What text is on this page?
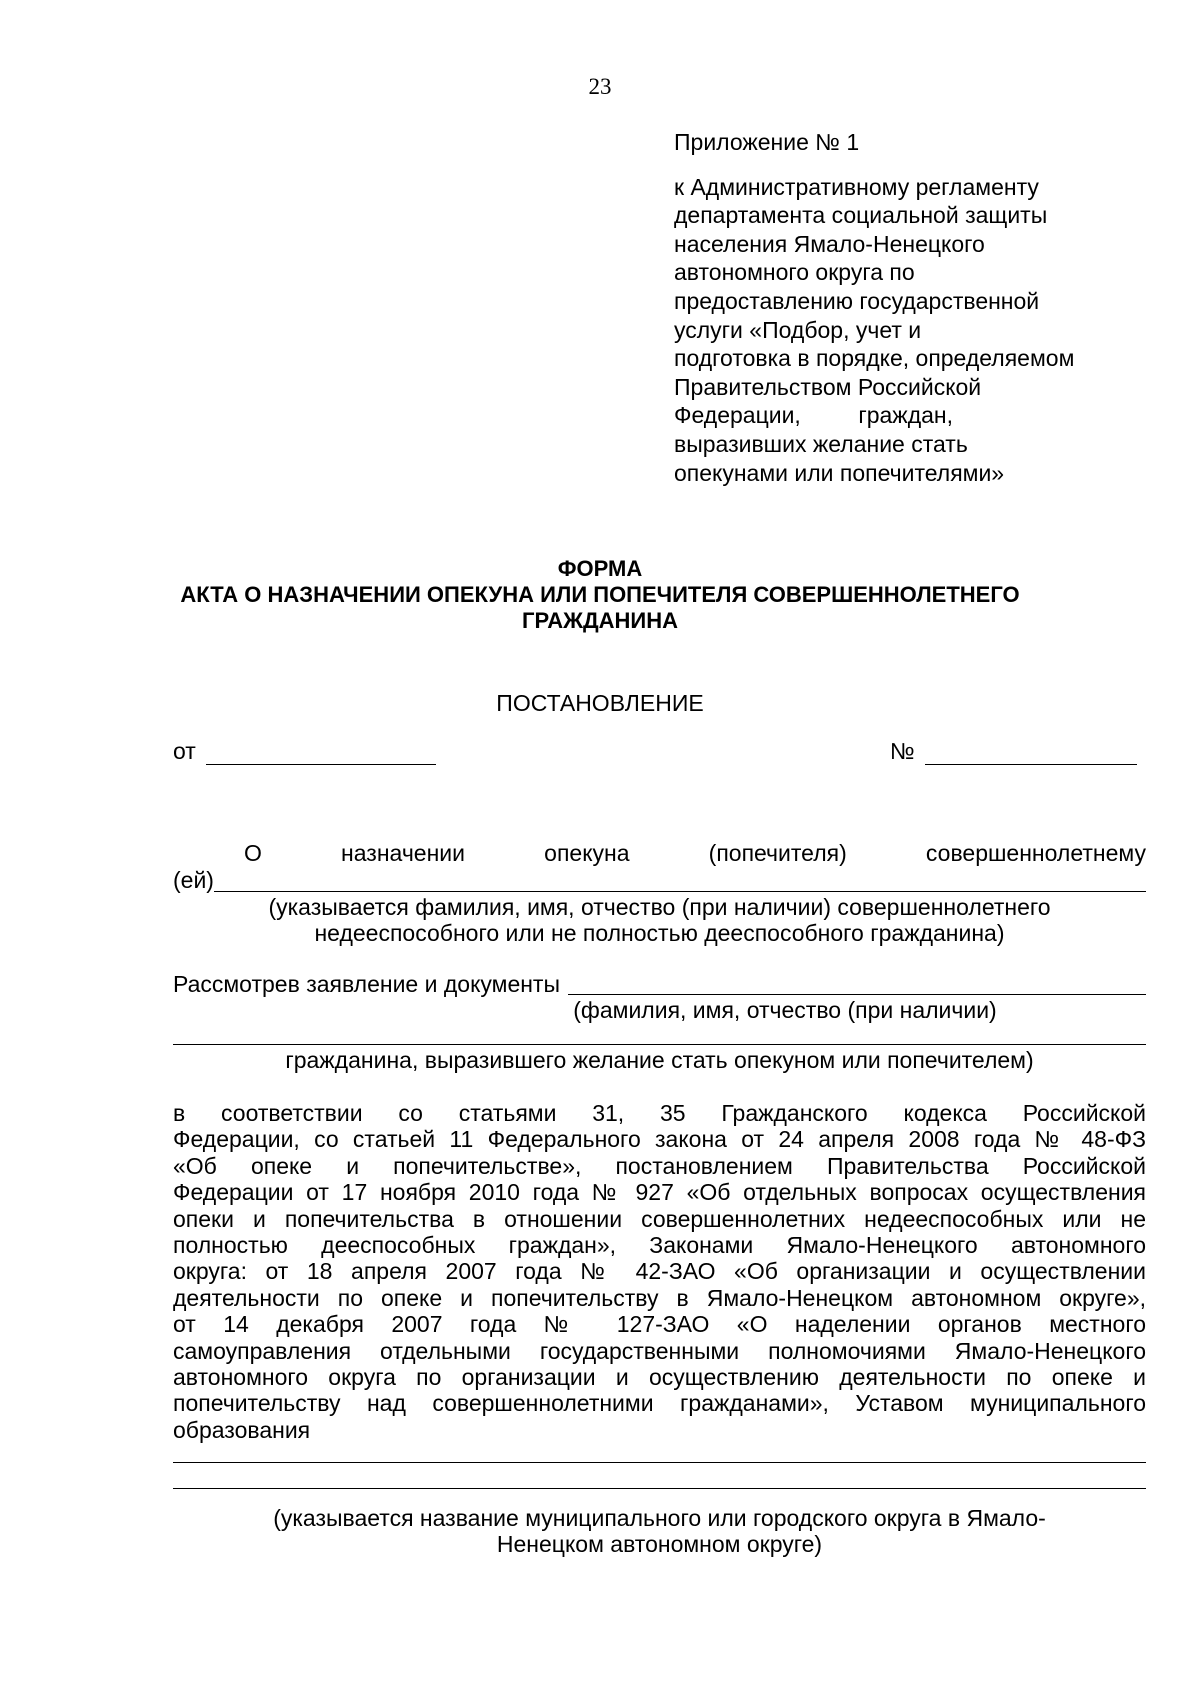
23
Приложение № 1
к Административному регламенту
департамента социальной защиты
населения Ямало-Ненецкого
автономного округа по
предоставлению государственной
услуги «Подбор, учет и
подготовка в порядке, определяемом
Правительством Российской
Федерации,         граждан,
выразивших желание стать
опекунами или попечителями»
ФОРМА
АКТА О НАЗНАЧЕНИИ ОПЕКУНА ИЛИ ПОПЕЧИТЕЛЯ СОВЕРШЕННОЛЕТНЕГО
ГРАЖДАНИНА
ПОСТАНОВЛЕНИЕ
от	№
О	назначении	опекуна	(попечителя)	совершеннолетнему
(ей)
(указывается фамилия, имя, отчество (при наличии) совершеннолетнего
недееспособного или не полностью дееспособного гражданина)
Рассмотрев заявление и документы
(фамилия, имя, отчество (при наличии)
гражданина, выразившего желание стать опекуном или попечителем)
в соответствии со статьями 31, 35 Гражданского кодекса Российской
Федерации, со статьей 11 Федерального закона от 24 апреля 2008 года № 48-ФЗ
«Об опеке и попечительстве», постановлением Правительства Российской
Федерации от 17 ноября 2010 года № 927 «Об отдельных вопросах осуществления
опеки и попечительства в отношении совершеннолетних недееспособных или не
полностью дееспособных граждан», Законами Ямало-Ненецкого автономного
округа: от 18 апреля 2007 года № 42-ЗАО «Об организации и осуществлении
деятельности по опеке и попечительству в Ямало-Ненецком автономном округе»,
от 14 декабря 2007 года № 127-ЗАО «О наделении органов местного
самоуправления отдельными государственными полномочиями Ямало-Ненецкого
автономного округа по организации и осуществлению деятельности по опеке и
попечительству над совершеннолетними гражданами», Уставом муниципального
образования
(указывается название муниципального или городского округа в Ямало-
Ненецком автономном округе)
